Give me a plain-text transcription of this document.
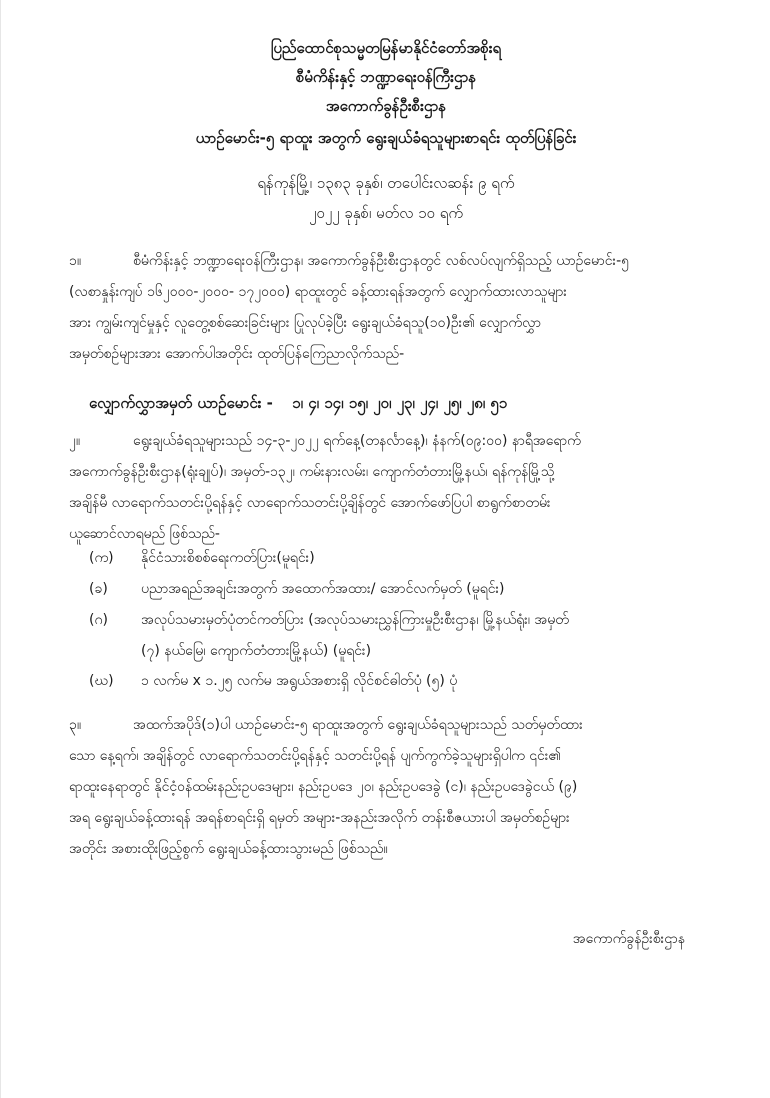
ပြည်ထောင်စုသမ္မတမြန်မာနိုင်ငံတော်အစိုးရ
စီမံကိန်းနှင့် ဘဏ္ဍာရေးဝန်ကြီးဌာန
အကောက်ခွန်ဦးစီးဌာန
ယာဉ်မောင်း-၅ ရာထူး အတွက် ရွေးချယ်ခံရသူများစာရင်း ထုတ်ပြန်ခြင်း
ရန်ကုန်မြို့၊ ၁၃၈၃ ခုနှစ်၊ တပေါင်းလဆန်း ၉ ရက်
၂၀၂၂ ခုနှစ်၊ မတ်လ ၁၀ ရက်
၁။	စီမံကိန်းနှင့် ဘဏ္ဍာရေးဝန်ကြီးဌာန၊ အကောက်ခွန်ဦးစီးဌာနတွင် လစ်လပ်လျက်ရှိသည့် ယာဉ်မောင်း-၅
(လစာနှုန်းကျပ် ၁၆၂၀၀၀-၂၀၀၀- ၁၇၂၀၀၀) ရာထူးတွင် ခန့်ထားရန်အတွက် လျှောက်ထားလာသူများ
အား ကျွမ်းကျင်မှုနှင့် လူတွေ့စစ်ဆေးခြင်းများ ပြုလုပ်ခဲ့ပြီး ရွေးချယ်ခံရသူ(၁၀)ဦး၏ လျှောက်လွှာ
အမှတ်စဉ်များအား အောက်ပါအတိုင်း ထုတ်ပြန်ကြေညာလိုက်သည်-
လျှောက်လွှာအမှတ် ယာဉ်မောင်း - ၁၊ ၄၊ ၁၄၊ ၁၅၊ ၂၀၊ ၂၃၊ ၂၄၊ ၂၅၊ ၂၈၊ ၅၁
၂။	ရွေးချယ်ခံရသူများသည် ၁၄-၃-၂၀၂၂ ရက်နေ့(တနင်္လာနေ့)၊ နံနက်(၀၉:၀၀) နာရီအရောက်
အကောက်ခွန်ဦးစီးဌာန(ရုံးချုပ်)၊ အမှတ်-၁၃၂၊ ကမ်းနားလမ်း၊ ကျောက်တံတားမြို့နယ်၊ ရန်ကုန်မြို့သို့
အချိန်မီ လာရောက်သတင်းပို့ရန်နှင့် လာရောက်သတင်းပို့ချိန်တွင် အောက်ဖော်ပြပါ စာရွက်စာတမ်း
ယူဆောင်လာရမည် ဖြစ်သည်-
(က) နိုင်ငံသားစိစစ်ရေးကတ်ပြား(မူရင်း)
(ခ) ပညာအရည်အချင်းအတွက် အထောက်အထား/ အောင်လက်မှတ် (မူရင်း)
(ဂ) အလုပ်သမားမှတ်ပုံတင်ကတ်ပြား (အလုပ်သမားညွှန်ကြားမှုဦးစီးဌာန၊ မြို့နယ်ရုံး၊ အမှတ်
(၇) နယ်မြေ၊ ကျောက်တံတားမြို့နယ်) (မူရင်း)
(ဃ) ၁ လက်မ x ၁.၂၅ လက်မ အရွယ်အစားရှိ လိုင်စင်ဓါတ်ပုံ (၅) ပုံ
၃။	အထက်အပိုဒ်(၁)ပါ ယာဉ်မောင်း-၅ ရာထူးအတွက် ရွေးချယ်ခံရသူများသည် သတ်မှတ်ထား
သော နေ့ရက်၊ အချိန်တွင် လာရောက်သတင်းပို့ရန်နှင့် သတင်းပို့ရန် ပျက်ကွက်ခဲ့သူများရှိပါက ၎င်း၏
ရာထူးနေရာတွင် နိုင်ငံ့ဝန်ထမ်းနည်းဥပဒေများ၊ နည်းဥပဒေ ၂၀၊ နည်းဥပဒေခွဲ (င)၊ နည်းဥပဒေခွဲငယ် (၉)
အရ ရွေးချယ်ခန့်ထားရန် အရန်စာရင်းရှိ ရမှတ် အများ-အနည်းအလိုက် တန်းစီဇယားပါ အမှတ်စဉ်များ
အတိုင်း အစားထိုးဖြည့်စွက် ရွေးချယ်ခန့်ထားသွားမည် ဖြစ်သည်။
အကောက်ခွန်ဦးစီးဌာန
